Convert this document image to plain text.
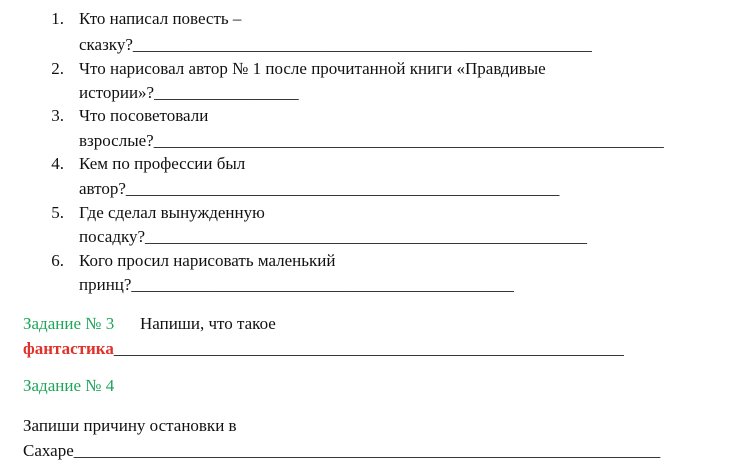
1. Кто написал повесть –
сказку?______________________________________________________
2. Что нарисовал автор № 1 после прочитанной книги «Правдивые
истории»?_________________
3. Что посоветовали
взрослые?____________________________________________________________
4. Кем по профессии был
автор?___________________________________________________
5. Где сделал вынужденную
посадку?____________________________________________________
6. Кого просил нарисовать маленький
принц?_____________________________________________
Задание № 3 Напиши, что такое
фантастика____________________________________________________________
Задание № 4
Запиши причину остановки в
Сахаре_____________________________________________________________________
